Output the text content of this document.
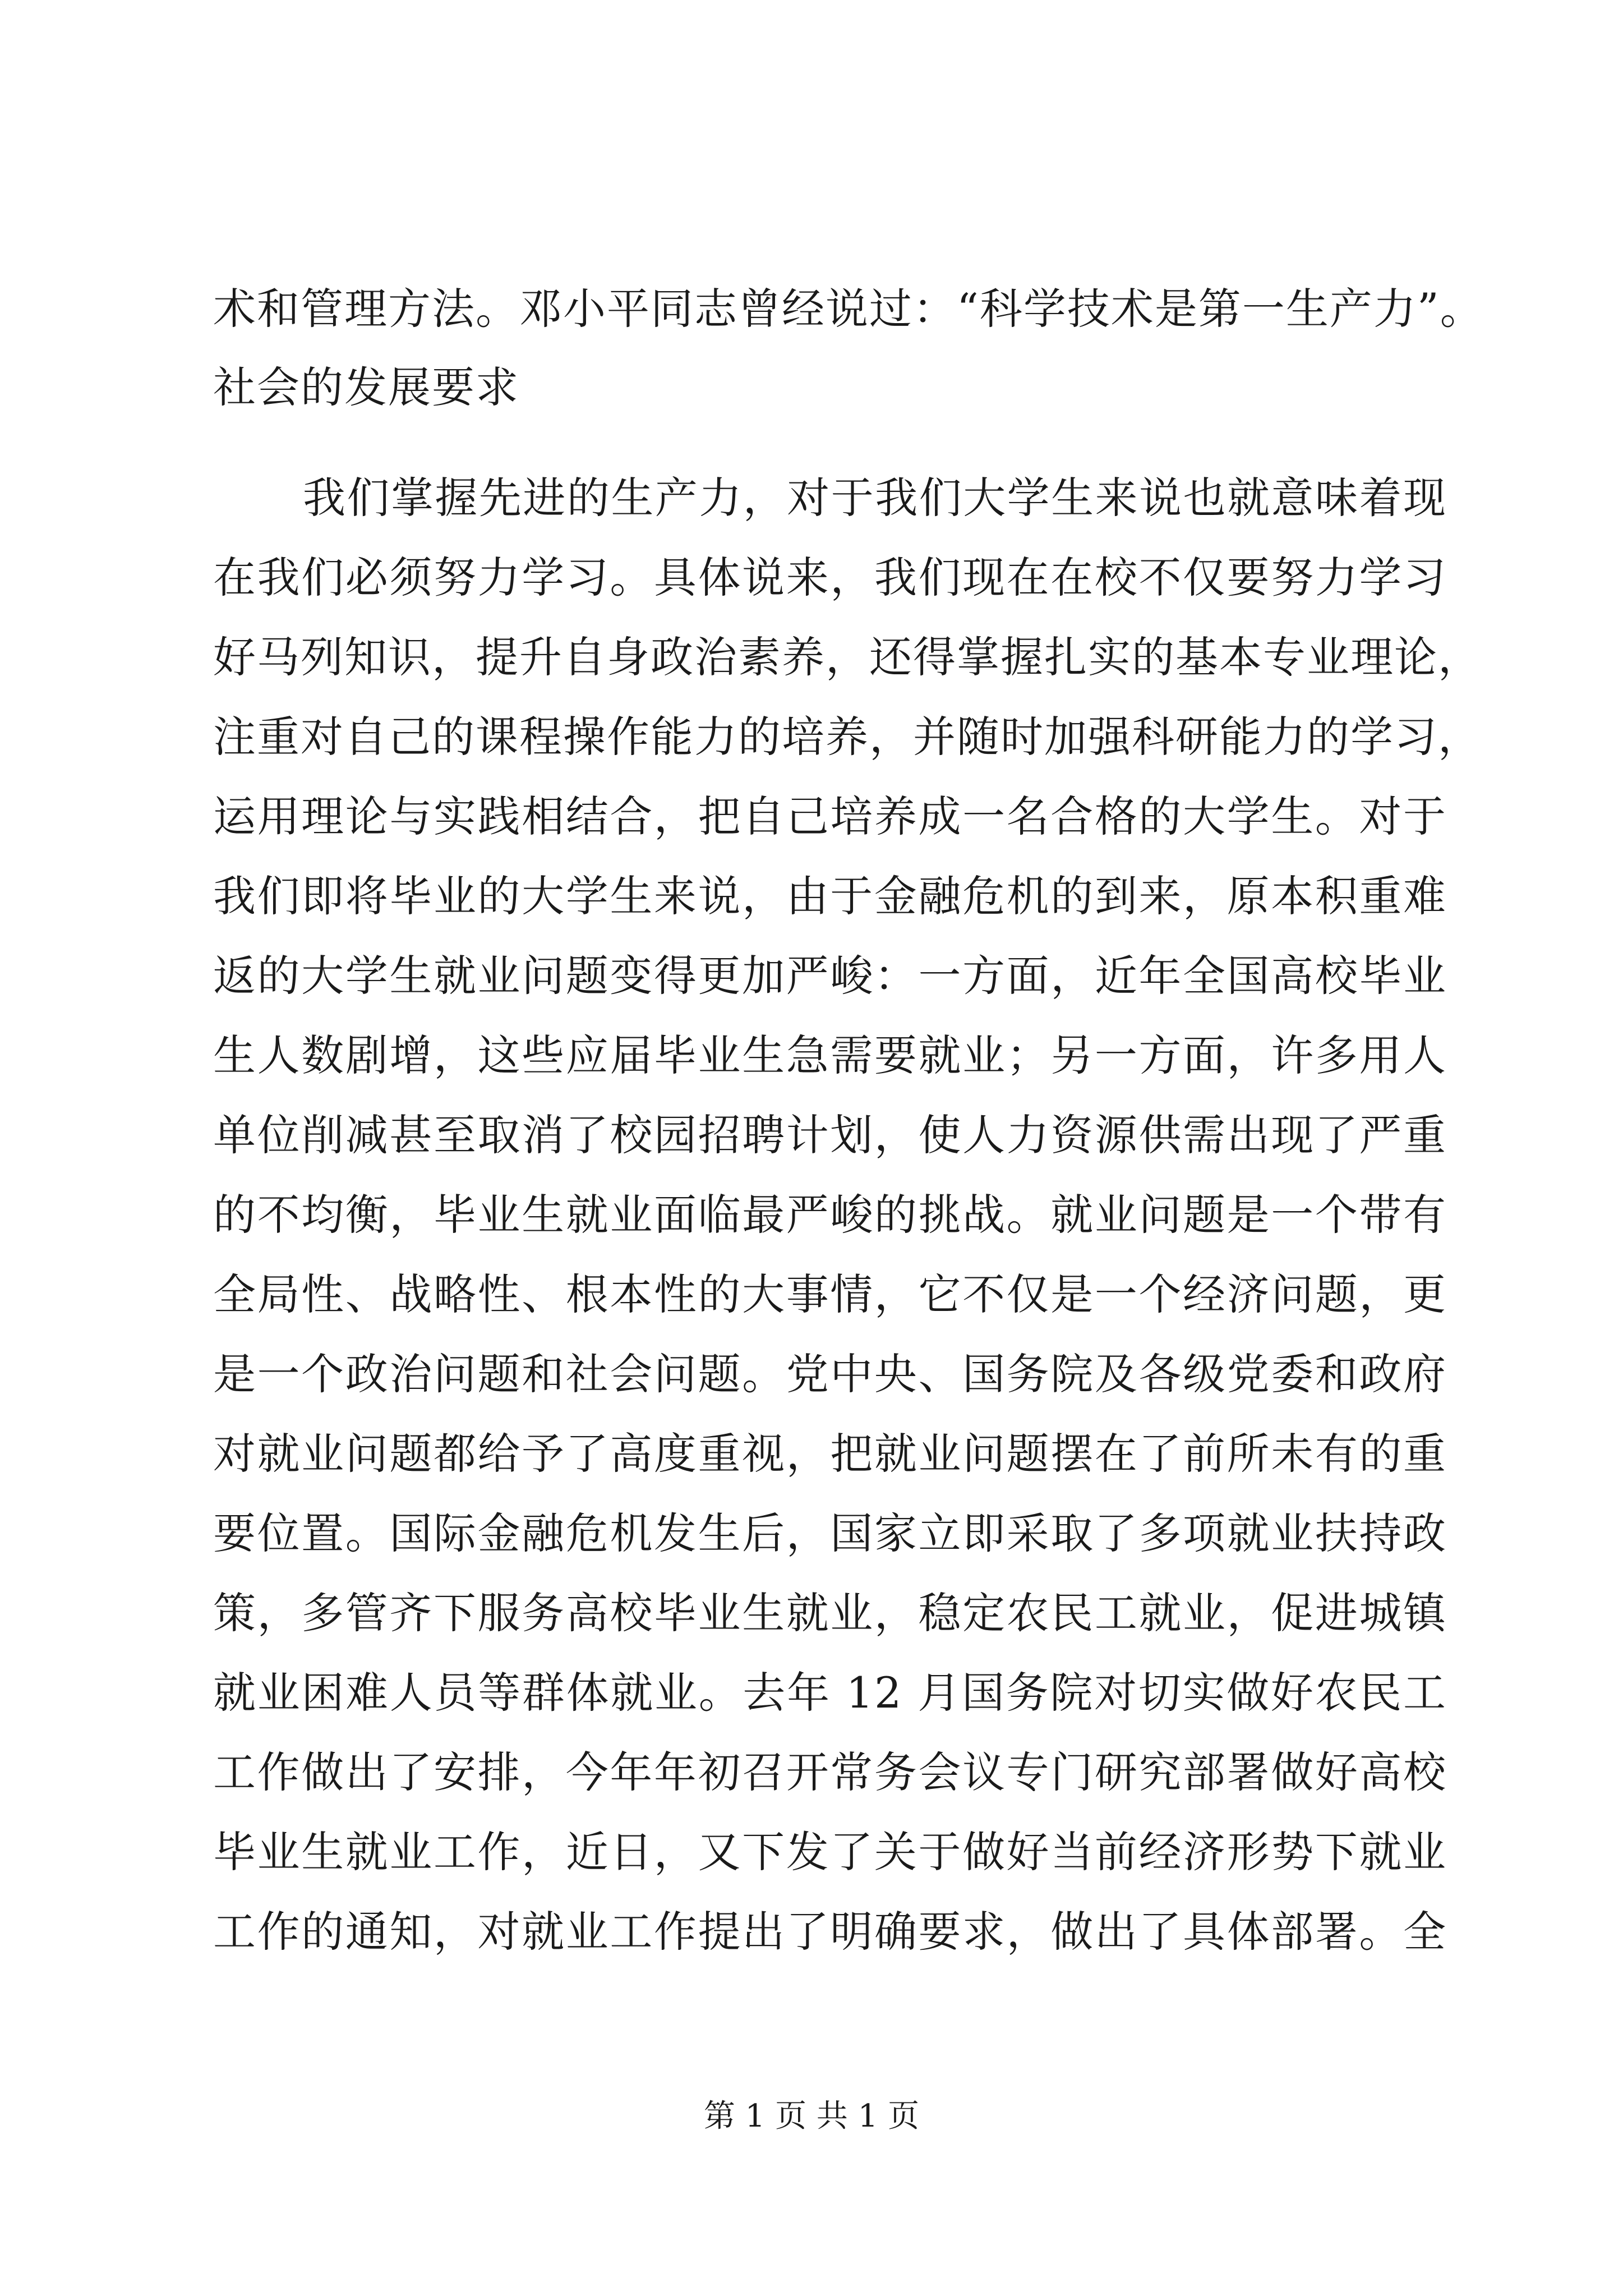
术和管理方法。邓小平同志曾经说过：“科学技术是第一生产力”。
社会的发展要求
我们掌握先进的生产力，对于我们大学生来说也就意味着现
在我们必须努力学习。具体说来，我们现在在校不仅要努力学习
好马列知识，提升自身政治素养，还得掌握扎实的基本专业理论，
注重对自己的课程操作能力的培养，并随时加强科研能力的学习，
运用理论与实践相结合，把自己培养成一名合格的大学生。对于
我们即将毕业的大学生来说，由于金融危机的到来，原本积重难
返的大学生就业问题变得更加严峻：一方面，近年全国高校毕业
生人数剧增，这些应届毕业生急需要就业；另一方面，许多用人
单位削减甚至取消了校园招聘计划，使人力资源供需出现了严重
的不均衡，毕业生就业面临最严峻的挑战。就业问题是一个带有
全局性、战略性、根本性的大事情，它不仅是一个经济问题，更
是一个政治问题和社会问题。党中央、国务院及各级党委和政府
对就业问题都给予了高度重视，把就业问题摆在了前所未有的重
要位置。国际金融危机发生后，国家立即采取了多项就业扶持政
策，多管齐下服务高校毕业生就业，稳定农民工就业，促进城镇
就业困难人员等群体就业。去年 12 月国务院对切实做好农民工
工作做出了安排，今年年初召开常务会议专门研究部署做好高校
毕业生就业工作，近日，又下发了关于做好当前经济形势下就业
工作的通知，对就业工作提出了明确要求，做出了具体部署。全
第 1 页 共 1 页
